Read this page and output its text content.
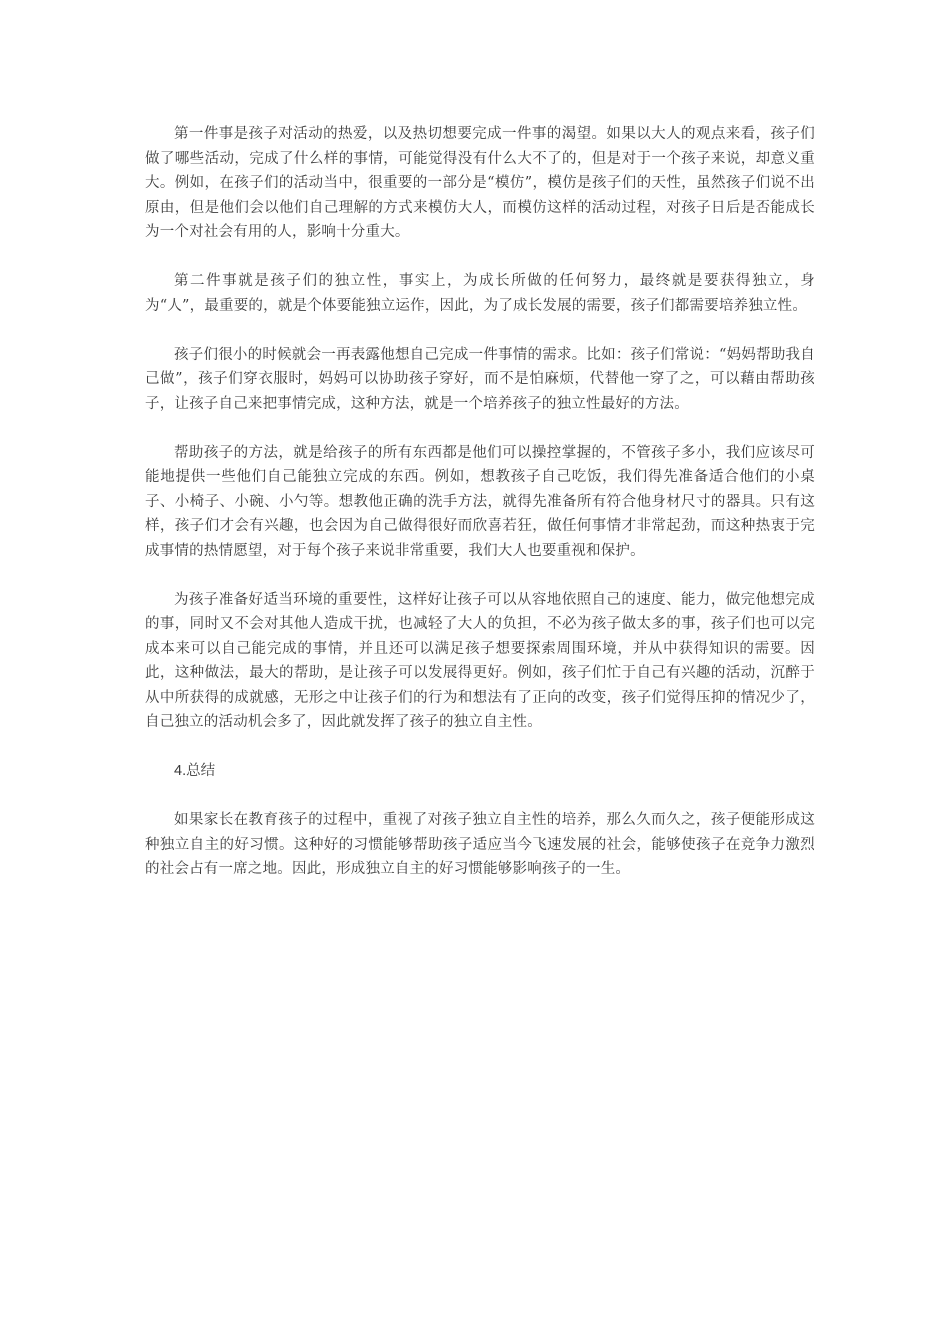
第一件事是孩子对活动的热爱，以及热切想要完成一件事的渴望。如果以大人的观点来看，孩子们做了哪些活动，完成了什么样的事情，可能觉得没有什么大不了的，但是对于一个孩子来说，却意义重大。例如，在孩子们的活动当中，很重要的一部分是“模仿”，模仿是孩子们的天性，虽然孩子们说不出原由，但是他们会以他们自己理解的方式来模仿大人，而模仿这样的活动过程，对孩子日后是否能成长为一个对社会有用的人，影响十分重大。

第二件事就是孩子们的独立性，事实上，为成长所做的任何努力，最终就是要获得独立，身为“人”，最重要的，就是个体要能独立运作，因此，为了成长发展的需要，孩子们都需要培养独立性。

孩子们很小的时候就会一再表露他想自己完成一件事情的需求。比如：孩子们常说：“妈妈帮助我自己做”，孩子们穿衣服时，妈妈可以协助孩子穿好，而不是怕麻烦，代替他一穿了之，可以藉由帮助孩子，让孩子自己来把事情完成，这种方法，就是一个培养孩子的独立性最好的方法。

帮助孩子的方法，就是给孩子的所有东西都是他们可以操控掌握的，不管孩子多小，我们应该尽可能地提供一些他们自己能独立完成的东西。例如，想教孩子自己吃饭，我们得先准备适合他们的小桌子、小椅子、小碗、小勺等。想教他正确的洗手方法，就得先准备所有符合他身材尺寸的器具。只有这样，孩子们才会有兴趣，也会因为自己做得很好而欣喜若狂，做任何事情才非常起劲，而这种热衷于完成事情的热情愿望，对于每个孩子来说非常重要，我们大人也要重视和保护。

为孩子准备好适当环境的重要性，这样好让孩子可以从容地依照自己的速度、能力，做完他想完成的事，同时又不会对其他人造成干扰，也减轻了大人的负担，不必为孩子做太多的事，孩子们也可以完成本来可以自己能完成的事情，并且还可以满足孩子想要探索周围环境，并从中获得知识的需要。因此，这种做法，最大的帮助，是让孩子可以发展得更好。例如，孩子们忙于自己有兴趣的活动，沉醉于从中所获得的成就感，无形之中让孩子们的行为和想法有了正向的改变，孩子们觉得压抑的情况少了，自己独立的活动机会多了，因此就发挥了孩子的独立自主性。

4.总结

如果家长在教育孩子的过程中，重视了对孩子独立自主性的培养，那么久而久之，孩子便能形成这种独立自主的好习惯。这种好的习惯能够帮助孩子适应当今飞速发展的社会，能够使孩子在竞争力激烈的社会占有一席之地。因此，形成独立自主的好习惯能够影响孩子的一生。
